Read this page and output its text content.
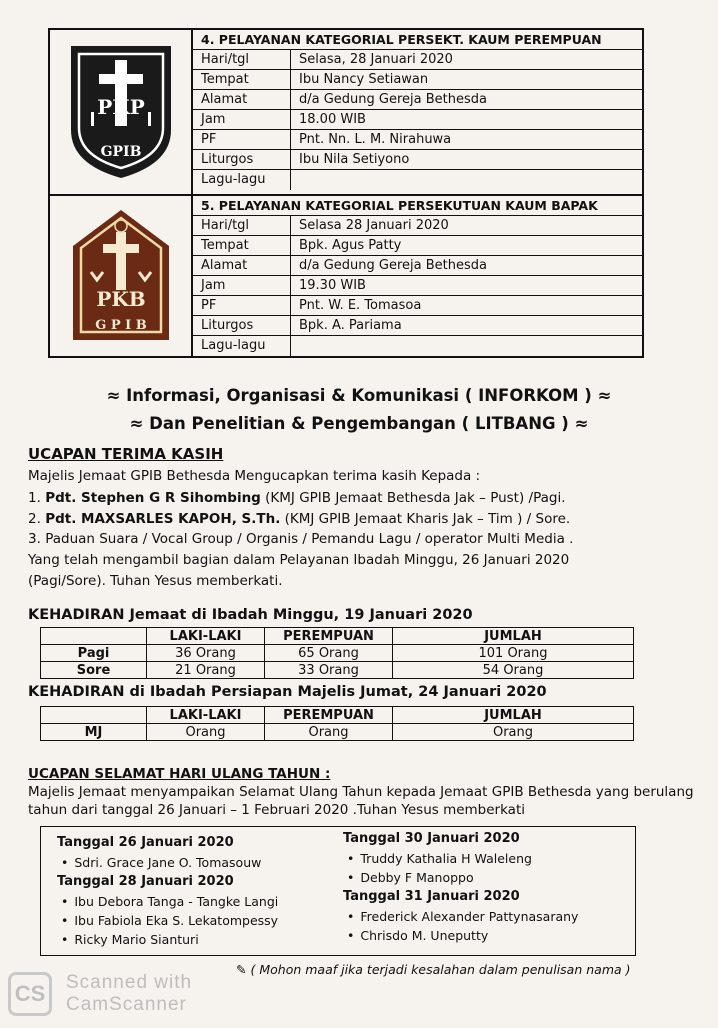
PKP
GPIB
4. PELAYANAN KATEGORIAL PERSEKT. KAUM PEREMPUAN
Hari/tgl	Selasa, 28 Januari 2020
Tempat	Ibu Nancy Setiawan
Alamat	d/a Gedung Gereja Bethesda
Jam	18.00 WIB
PF	Pnt. Nn. L. M. Nirahuwa
Liturgos	Ibu Nila Setiyono
Lagu-lagu
PKB
G P I B
5. PELAYANAN KATEGORIAL PERSEKUTUAN KAUM BAPAK
Hari/tgl	Selasa 28 Januari 2020
Tempat	Bpk. Agus Patty
Alamat	d/a Gedung Gereja Bethesda
Jam	19.30 WIB
PF	Pnt. W. E. Tomasoa
Liturgos	Bpk. A. Pariama
Lagu-lagu
≈ Informasi, Organisasi & Komunikasi ( INFORKOM ) ≈
≈ Dan Penelitian & Pengembangan ( LITBANG ) ≈
UCAPAN TERIMA KASIH
Majelis Jemaat GPIB Bethesda Mengucapkan terima kasih Kepada :
1. Pdt. Stephen G R Sihombing (KMJ GPIB Jemaat Bethesda Jak – Pust) /Pagi.
2. Pdt. MAXSARLES KAPOH, S.Th. (KMJ GPIB Jemaat Kharis Jak – Tim ) / Sore.
3. Paduan Suara / Vocal Group / Organis / Pemandu Lagu / operator Multi Media .
Yang telah mengambil bagian dalam Pelayanan Ibadah Minggu, 26 Januari 2020
(Pagi/Sore). Tuhan Yesus memberkati.
KEHADIRAN Jemaat di Ibadah Minggu, 19 Januari 2020
	LAKI-LAKI	PEREMPUAN	JUMLAH
Pagi	36 Orang	65 Orang	101 Orang
Sore	21 Orang	33 Orang	54 Orang
KEHADIRAN di Ibadah Persiapan Majelis Jumat, 24 Januari 2020
	LAKI-LAKI	PEREMPUAN	JUMLAH
MJ	Orang	Orang	Orang
UCAPAN SELAMAT HARI ULANG TAHUN :
Majelis Jemaat menyampaikan Selamat Ulang Tahun kepada Jemaat GPIB Bethesda yang berulang
tahun dari tanggal 26 Januari – 1 Februari 2020 .Tuhan Yesus memberkati
Tanggal 26 Januari 2020
• Sdri. Grace Jane O. Tomasouw
Tanggal 28 Januari 2020
• Ibu Debora Tanga - Tangke Langi
• Ibu Fabiola Eka S. Lekatompessy
• Ricky Mario Sianturi
Tanggal 30 Januari 2020
• Truddy Kathalia H Waleleng
• Debby F Manoppo
Tanggal 31 Januari 2020
• Frederick Alexander Pattynasarany
• Chrisdo M. Uneputty
✎ ( Mohon maaf jika terjadi kesalahan dalam penulisan nama )
CS	Scanned with
CamScanner
